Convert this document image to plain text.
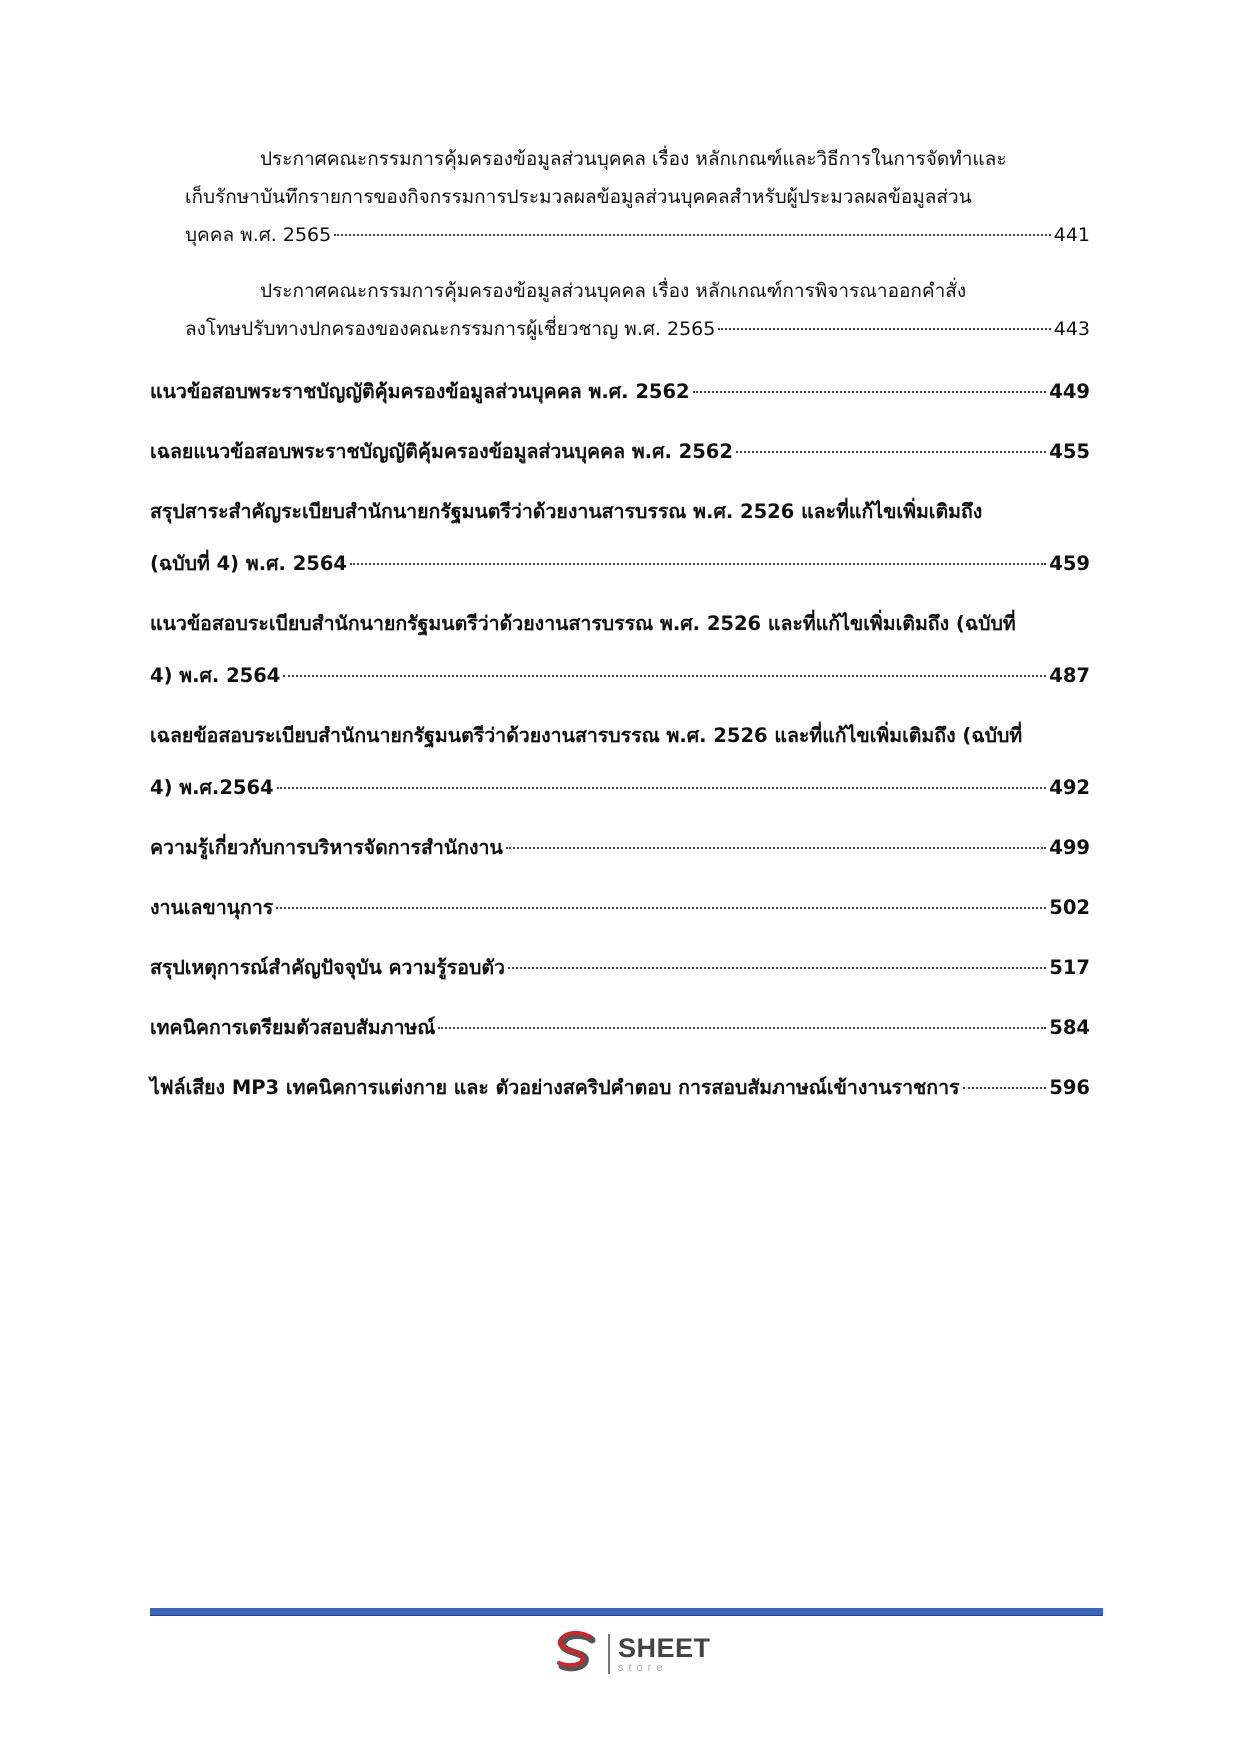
ประกาศคณะกรรมการคุ้มครองข้อมูลส่วนบุคคล เรื่อง หลักเกณฑ์และวิธีการในการจัดทำและ
เก็บรักษาบันทึกรายการของกิจกรรมการประมวลผลข้อมูลส่วนบุคคลสำหรับผู้ประมวลผลข้อมูลส่วน
บุคคล พ.ศ. 2565	441
ประกาศคณะกรรมการคุ้มครองข้อมูลส่วนบุคคล เรื่อง หลักเกณฑ์การพิจารณาออกคำสั่ง
ลงโทษปรับทางปกครองของคณะกรรมการผู้เชี่ยวชาญ พ.ศ. 2565	443
แนวข้อสอบพระราชบัญญัติคุ้มครองข้อมูลส่วนบุคคล พ.ศ. 2562	449
เฉลยแนวข้อสอบพระราชบัญญัติคุ้มครองข้อมูลส่วนบุคคล พ.ศ. 2562	455
สรุปสาระสำคัญระเบียบสำนักนายกรัฐมนตรีว่าด้วยงานสารบรรณ พ.ศ. 2526 และที่แก้ไขเพิ่มเติมถึง
(ฉบับที่ 4) พ.ศ. 2564	459
แนวข้อสอบระเบียบสำนักนายกรัฐมนตรีว่าด้วยงานสารบรรณ พ.ศ. 2526 และที่แก้ไขเพิ่มเติมถึง (ฉบับที่
4) พ.ศ. 2564	487
เฉลยข้อสอบระเบียบสำนักนายกรัฐมนตรีว่าด้วยงานสารบรรณ พ.ศ. 2526 และที่แก้ไขเพิ่มเติมถึง (ฉบับที่
4) พ.ศ.2564	492
ความรู้เกี่ยวกับการบริหารจัดการสำนักงาน	499
งานเลขานุการ	502
สรุปเหตุการณ์สำคัญปัจจุบัน ความรู้รอบตัว	517
เทคนิคการเตรียมตัวสอบสัมภาษณ์	584
ไฟล์เสียง MP3 เทคนิคการแต่งกาย และ ตัวอย่างสคริปคำตอบ การสอบสัมภาษณ์เข้างานราชการ	596
SHEET
store
